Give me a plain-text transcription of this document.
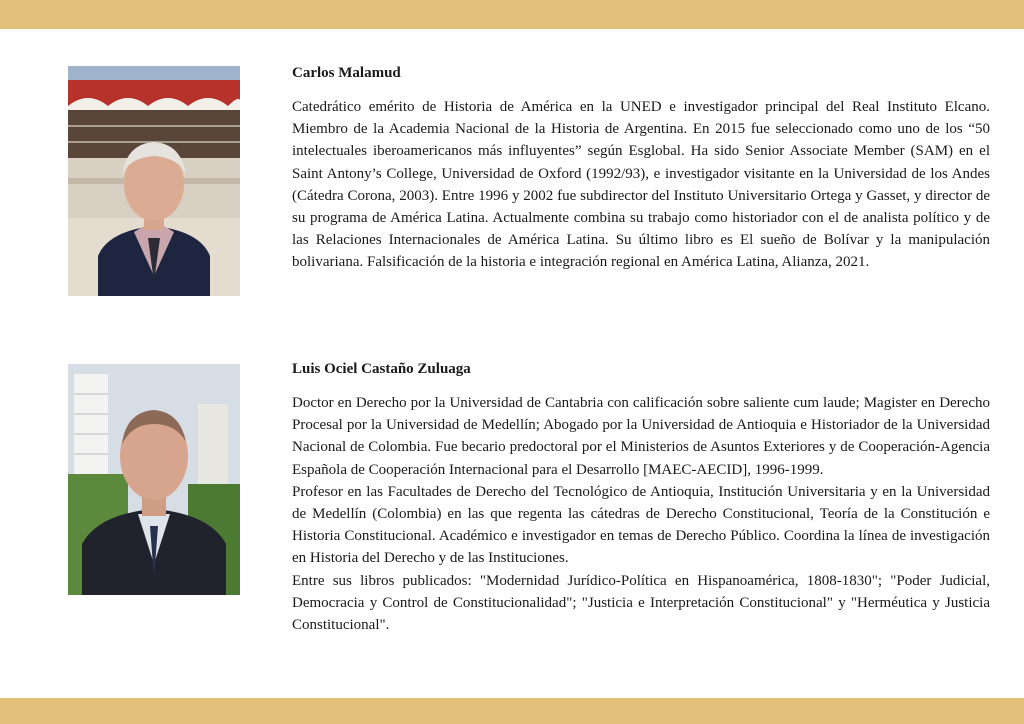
Carlos Malamud

Catedrático emérito de Historia de América en la UNED e investigador principal del Real Instituto Elcano. Miembro de la Academia Nacional de la Historia de Argentina. En 2015 fue seleccionado como uno de los “50 intelectuales iberoamericanos más influyentes” según Esglobal. Ha sido Senior Associate Member (SAM) en el Saint Antony’s College, Universidad de Oxford (1992/93), e investigador visitante en la Universidad de los Andes (Cátedra Corona, 2003). Entre 1996 y 2002 fue subdirector del Instituto Universitario Ortega y Gasset, y director de su programa de América Latina. Actualmente combina su trabajo como historiador con el de analista político y de las Relaciones Internacionales de América Latina. Su último libro es El sueño de Bolívar y la manipulación bolivariana. Falsificación de la historia e integración regional en América Latina, Alianza, 2021.

Luis Ociel Castaño Zuluaga

Doctor en Derecho por la Universidad de Cantabria con calificación sobre saliente cum laude; Magister en Derecho Procesal por la Universidad de Medellín; Abogado por la Universidad de Antioquia e Historiador de la Universidad Nacional de Colombia. Fue becario predoctoral por el Ministerios de Asuntos Exteriores y de Cooperación-Agencia Española de Cooperación Internacional para el Desarrollo [MAEC-AECID], 1996-1999.

Profesor en las Facultades de Derecho del Tecnológico de Antioquia, Institución Universitaria y en la Universidad de Medellín (Colombia) en las que regenta las cátedras de Derecho Constitucional, Teoría de la Constitución e Historia Constitucional. Académico e investigador en temas de Derecho Público. Coordina la línea de investigación en Historia del Derecho y de las Instituciones.

Entre sus libros publicados: "Modernidad Jurídico-Política en Hispanoamérica, 1808-1830"; "Poder Judicial, Democracia y Control de Constitucionalidad"; "Justicia e Interpretación Constitucional" y "Herméutica y Justicia Constitucional".
